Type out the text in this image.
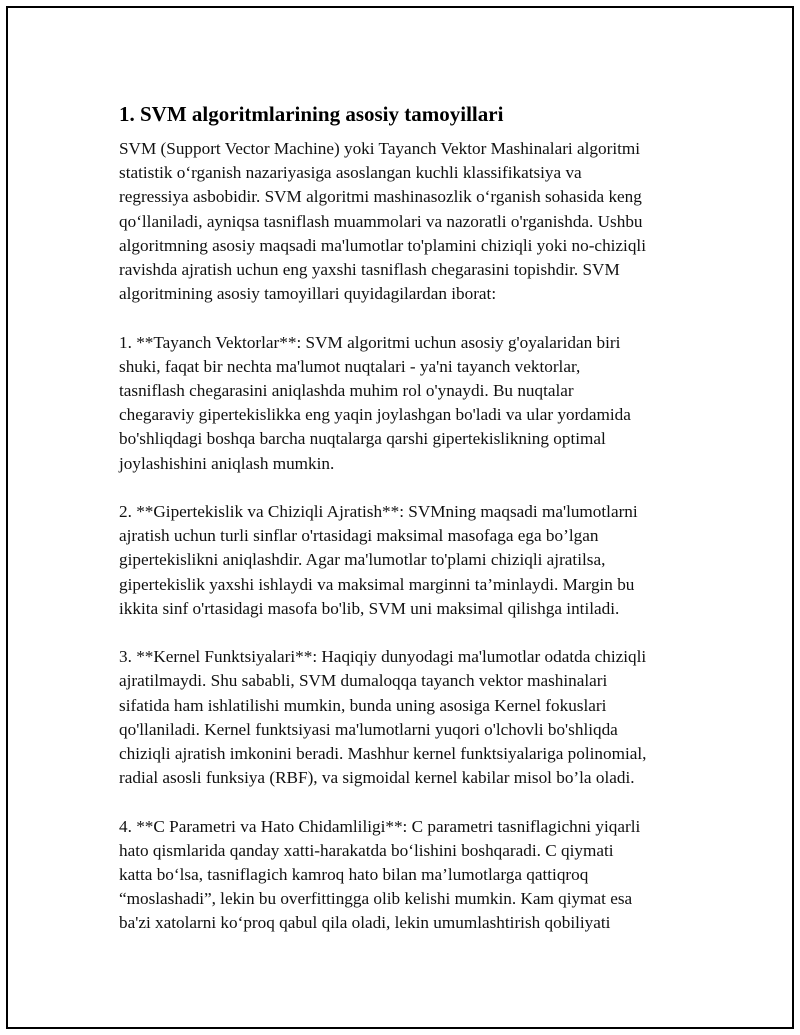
1. SVM algoritmlarining asosiy tamoyillari
SVM (Support Vector Machine) yoki Tayanch Vektor Mashinalari algoritmi
statistik o‘rganish nazariyasiga asoslangan kuchli klassifikatsiya va
regressiya asbobidir. SVM algoritmi mashinasozlik o‘rganish sohasida keng
qo‘llaniladi, ayniqsa tasniflash muammolari va nazoratli o'rganishda. Ushbu
algoritmning asosiy maqsadi ma'lumotlar to'plamini chiziqli yoki no-chiziqli
ravishda ajratish uchun eng yaxshi tasniflash chegarasini topishdir. SVM
algoritmining asosiy tamoyillari quyidagilardan iborat:
1. **Tayanch Vektorlar**: SVM algoritmi uchun asosiy g'oyalaridan biri
shuki, faqat bir nechta ma'lumot nuqtalari - ya'ni tayanch vektorlar,
tasniflash chegarasini aniqlashda muhim rol o'ynaydi. Bu nuqtalar
chegaraviy gipertekislikka eng yaqin joylashgan bo'ladi va ular yordamida
bo'shliqdagi boshqa barcha nuqtalarga qarshi gipertekislikning optimal
joylashishini aniqlash mumkin.
2. **Gipertekislik va Chiziqli Ajratish**: SVMning maqsadi ma'lumotlarni
ajratish uchun turli sinflar o'rtasidagi maksimal masofaga ega bo’lgan
gipertekislikni aniqlashdir. Agar ma'lumotlar to'plami chiziqli ajratilsa,
gipertekislik yaxshi ishlaydi va maksimal marginni ta’minlaydi. Margin bu
ikkita sinf o'rtasidagi masofa bo'lib, SVM uni maksimal qilishga intiladi.
3. **Kernel Funktsiyalari**: Haqiqiy dunyodagi ma'lumotlar odatda chiziqli
ajratilmaydi. Shu sababli, SVM dumaloqqa tayanch vektor mashinalari
sifatida ham ishlatilishi mumkin, bunda uning asosiga Kernel fokuslari
qo'llaniladi. Kernel funktsiyasi ma'lumotlarni yuqori o'lchovli bo'shliqda
chiziqli ajratish imkonini beradi. Mashhur kernel funktsiyalariga polinomial,
radial asosli funksiya (RBF), va sigmoidal kernel kabilar misol bo’la oladi.
4. **C Parametri va Hato Chidamliligi**: C parametri tasniflagichni yiqarli
hato qismlarida qanday xatti-harakatda bo‘lishini boshqaradi. C qiymati
katta bo‘lsa, tasniflagich kamroq hato bilan ma’lumotlarga qattiqroq
“moslashadi”, lekin bu overfittingga olib kelishi mumkin. Kam qiymat esa
ba'zi xatolarni ko‘proq qabul qila oladi, lekin umumlashtirish qobiliyati
